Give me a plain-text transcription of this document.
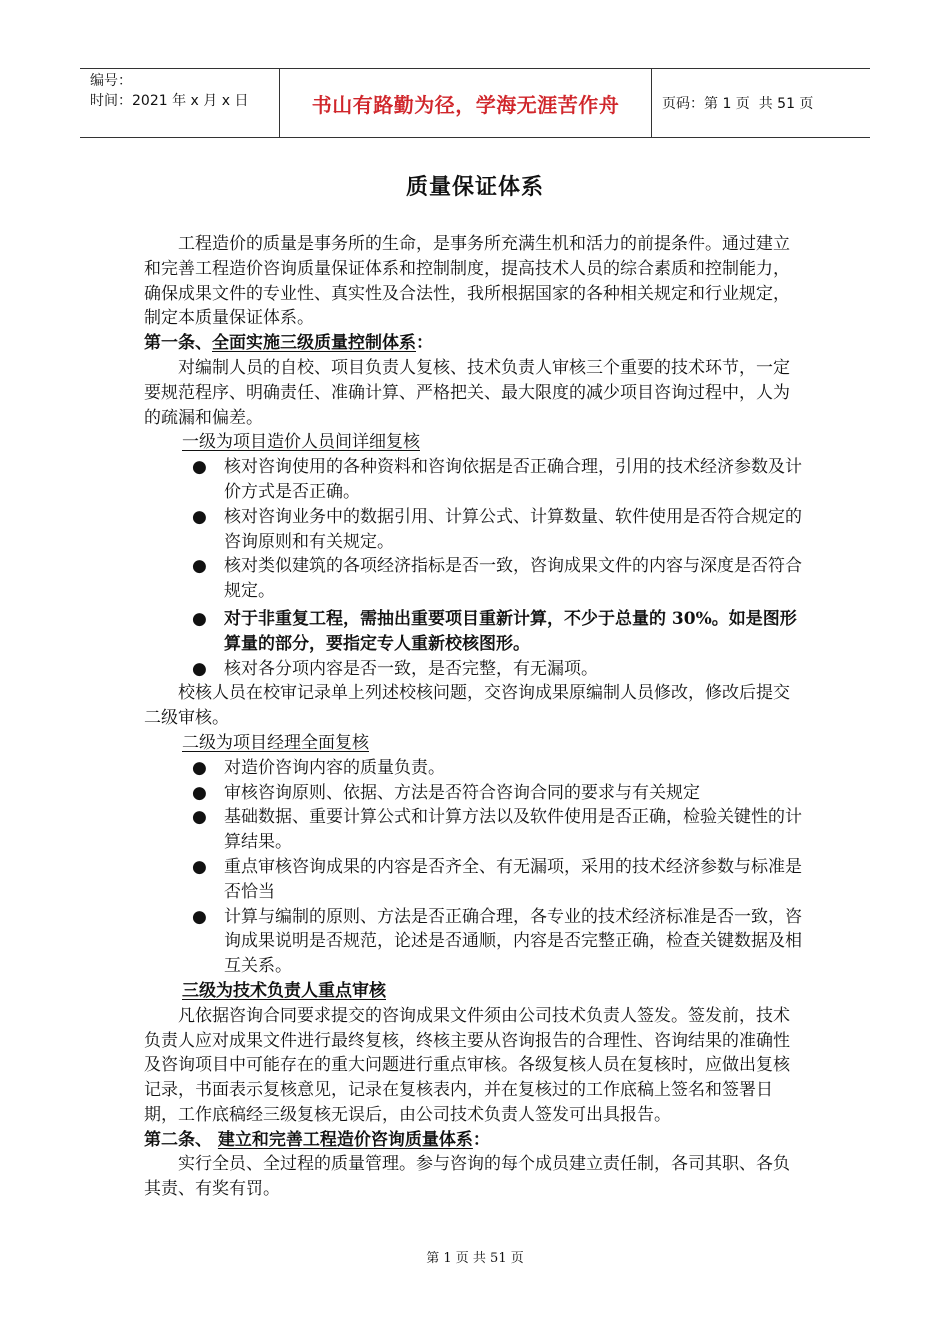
编号：
时间：2021 年 x 月 x 日	书山有路勤为径，学海无涯苦作舟	页码：第 1 页  共 51 页
质量保证体系

工程造价的质量是事务所的生命，是事务所充满生机和活力的前提条件。通过建立和完善工程造价咨询质量保证体系和控制制度，提高技术人员的综合素质和控制能力，确保成果文件的专业性、真实性及合法性，我所根据国家的各种相关规定和行业规定，制定本质量保证体系。

第一条、全面实施三级质量控制体系：

对编制人员的自校、项目负责人复核、技术负责人审核三个重要的技术环节，一定要规范程序、明确责任、准确计算、严格把关、最大限度的减少项目咨询过程中，人为的疏漏和偏差。

一级为项目造价人员间详细复核

● 核对咨询使用的各种资料和咨询依据是否正确合理，引用的技术经济参数及计价方式是否正确。
● 核对咨询业务中的数据引用、计算公式、计算数量、软件使用是否符合规定的咨询原则和有关规定。
● 核对类似建筑的各项经济指标是否一致，咨询成果文件的内容与深度是否符合规定。
● 对于非重复工程，需抽出重要项目重新计算，不少于总量的 30%。如是图形算量的部分，要指定专人重新校核图形。
● 核对各分项内容是否一致，是否完整，有无漏项。

校核人员在校审记录单上列述校核问题，交咨询成果原编制人员修改，修改后提交二级审核。

二级为项目经理全面复核

● 对造价咨询内容的质量负责。
● 审核咨询原则、依据、方法是否符合咨询合同的要求与有关规定
● 基础数据、重要计算公式和计算方法以及软件使用是否正确，检验关键性的计算结果。
● 重点审核咨询成果的内容是否齐全、有无漏项，采用的技术经济参数与标准是否恰当
● 计算与编制的原则、方法是否正确合理，各专业的技术经济标准是否一致，咨询成果说明是否规范，论述是否通顺，内容是否完整正确，检查关键数据及相互关系。

三级为技术负责人重点审核

凡依据咨询合同要求提交的咨询成果文件须由公司技术负责人签发。签发前，技术负责人应对成果文件进行最终复核，终核主要从咨询报告的合理性、咨询结果的准确性及咨询项目中可能存在的重大问题进行重点审核。各级复核人员在复核时，应做出复核记录，书面表示复核意见，记录在复核表内，并在复核过的工作底稿上签名和签署日期，工作底稿经三级复核无误后，由公司技术负责人签发可出具报告。

第二条、 建立和完善工程造价咨询质量体系：

实行全员、全过程的质量管理。参与咨询的每个成员建立责任制，各司其职、各负其责、有奖有罚。

第 1 页 共 51 页
